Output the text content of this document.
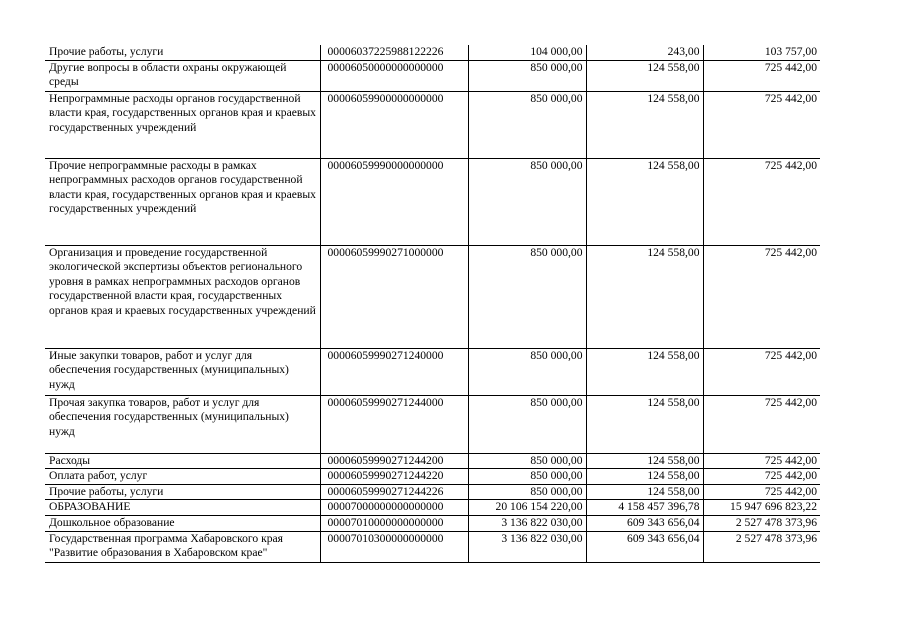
Прочие работы, услуги	00006037225988122226	104 000,00	243,00	103 757,00
Другие вопросы в области охраны окружающей среды	00006050000000000000	850 000,00	124 558,00	725 442,00
Непрограммные расходы органов государственной власти края, государственных органов края и краевых государственных учреждений	00006059900000000000	850 000,00	124 558,00	725 442,00
Прочие непрограммные расходы в рамках непрограммных расходов органов государственной власти края, государственных органов края и краевых государственных учреждений	00006059990000000000	850 000,00	124 558,00	725 442,00
Организация и проведение государственной экологической экспертизы объектов регионального уровня в рамках непрограммных расходов органов государственной власти края, государственных органов края и краевых государственных учреждений	00006059990271000000	850 000,00	124 558,00	725 442,00
Иные закупки товаров, работ и услуг для обеспечения государственных (муниципальных) нужд	00006059990271240000	850 000,00	124 558,00	725 442,00
Прочая закупка товаров, работ и услуг для обеспечения государственных (муниципальных) нужд	00006059990271244000	850 000,00	124 558,00	725 442,00
Расходы	00006059990271244200	850 000,00	124 558,00	725 442,00
Оплата работ, услуг	00006059990271244220	850 000,00	124 558,00	725 442,00
Прочие работы, услуги	00006059990271244226	850 000,00	124 558,00	725 442,00
ОБРАЗОВАНИЕ	00007000000000000000	20 106 154 220,00	4 158 457 396,78	15 947 696 823,22
Дошкольное образование	00007010000000000000	3 136 822 030,00	609 343 656,04	2 527 478 373,96
Государственная программа Хабаровского края "Развитие образования в Хабаровском крае"	00007010300000000000	3 136 822 030,00	609 343 656,04	2 527 478 373,96
